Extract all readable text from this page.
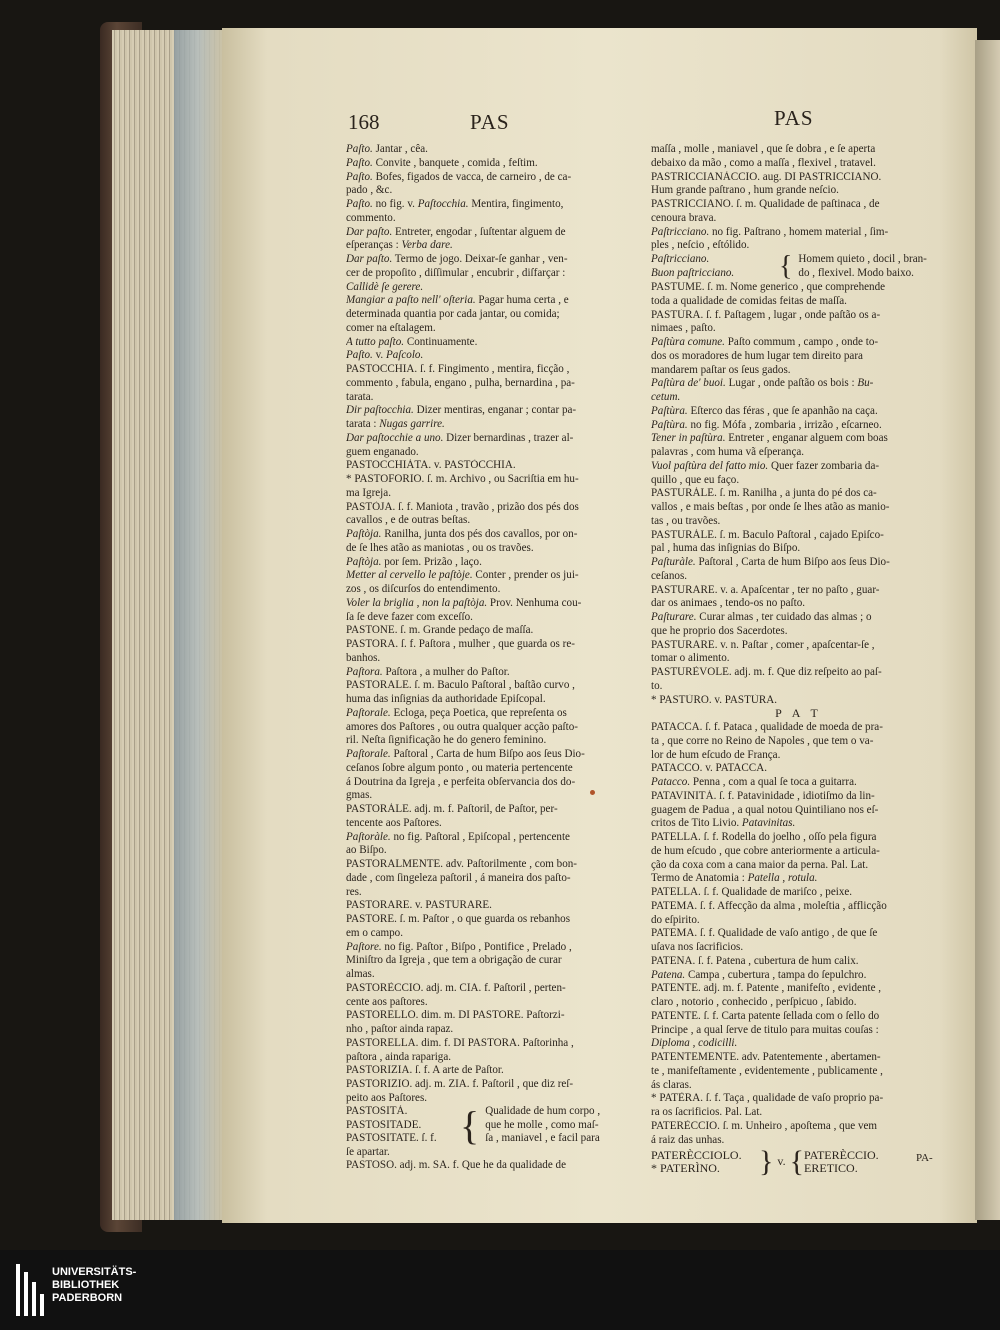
168	PAS	PAS
Paſto. Jantar , cêa.
Paſto. Convite , banquete , comida , feſtim.
Paſto. Bofes, figados de vacca, de carneiro , de ca-
pado , &c.
Paſto. no fig. v. Paſtocchia. Mentira, fingimento,
commento.
Dar paſto. Entreter, engodar , ſuſtentar alguem de
eſperanças : Verba dare.
Dar paſto. Termo de jogo. Deixar-ſe ganhar , ven-
cer de propoſito , diſſimular , encubrir , diſfarçar :
Callidè ſe gerere.
Mangiar a paſto nell' oſteria. Pagar huma certa , e
determinada quantia por cada jantar, ou comida;
comer na eſtalagem.
A tutto paſto. Continuamente.
Paſto. v. Paſcolo.
PASTOCCHIA. ſ. f. Fingimento , mentira, ficção ,
commento , fabula, engano , pulha, bernardina , pa-
tarata.
Dir paſtocchia. Dizer mentiras, enganar ; contar pa-
tarata : Nugas garrire.
Dar paſtocchie a uno. Dizer bernardinas , trazer al-
guem enganado.
PASTOCCHIÀTA. v. PASTÒCCHIA.
* PASTOFORIO. ſ. m. Archivo , ou Sacriſtia em hu-
ma Igreja.
PASTÒJA. ſ. f. Maniota , travão , prizão dos pés dos
cavallos , e de outras beſtas.
Paſtòja. Ranilha, junta dos pés dos cavallos, por on-
de ſe lhes atão as maniotas , ou os travões.
Paſtòja. por ſem. Prizão , laço.
Metter al cervello le paſtòje. Conter , prender os jui-
zos , os diſcurſos do entendimento.
Voler la briglia , non la paſtòja. Prov. Nenhuma cou-
ſa ſe deve fazer com exceſſo.
PASTONE. ſ. m. Grande pedaço de maſſa.
PASTORA. ſ. f. Paſtora , mulher , que guarda os re-
banhos.
Paſtora. Paſtora , a mulher do Paſtor.
PASTORALE. ſ. m. Baculo Paſtoral , baſtão curvo ,
huma das inſignias da authoridade Epiſcopal.
Paſtorale. Ecloga, peça Poetica, que repreſenta os
amores dos Paſtores , ou outra qualquer acção paſto-
ril. Neſta ſignificação he do genero feminino.
Paſtorale. Paſtoral , Carta de hum Biſpo aos ſeus Dio-
ceſanos ſobre algum ponto , ou materia pertencente
á Doutrina da Igreja , e perfeita obſervancia dos do-
gmas.
PASTORÀLE. adj. m. f. Paſtoril, de Paſtor, per-
tencente aos Paſtores.
Paſtoràle. no fig. Paſtoral , Epiſcopal , pertencente
ao Biſpo.
PASTORALMENTE. adv. Paſtorilmente , com bon-
dade , com ſingeleza paſtoril , á maneira dos paſto-
res.
PASTORARE. v. PASTURARE.
PASTORE. ſ. m. Paſtor , o que guarda os rebanhos
em o campo.
Paſtore. no fig. Paſtor , Biſpo , Pontifice , Prelado ,
Miniſtro da Igreja , que tem a obrigação de curar
almas.
PASTORÈCCIO. adj. m. CIA. f. Paſtoril , perten-
cente aos paſtores.
PASTORELLO. dim. m. DI PASTORE. Paſtorzi-
nho , paſtor ainda rapaz.
PASTORELLA. dim. f. DI PASTORA. Paſtorinha ,
paſtora , ainda rapariga.
PASTORIZIA. ſ. f. A arte de Paſtor.
PASTORIZIO. adj. m. ZIA. f. Paſtoril , que diz reſ-
peito aos Paſtores.
PASTOSITÀ.
PASTOSITADE.
PASTOSITATE. ſ. f. { Qualidade de hum corpo ,
que he molle , como maſ-
ſa , maniavel , e facil para
ſe apartar.
PASTOSO. adj. m. SA. f. Que he da qualidade de
maſſa , molle , maniavel , que ſe dobra , e ſe aperta
debaixo da mão , como a maſſa , flexivel , tratavel.
PASTRICCIANÀCCIO. aug. DI PASTRICCIANO.
Hum grande paſtrano , hum grande neſcio.
PASTRICCIANO. ſ. m. Qualidade de paſtinaca , de
cenoura brava.
Paſtricciano. no fig. Paſtrano , homem material , ſim-
ples , neſcio , eſtólido.
Paſtricciano.
Buon paſtricciano.	{ Homem quieto , docil , bran-
do , flexivel. Modo baixo.
PASTUME. ſ. m. Nome generico , que comprehende
toda a qualidade de comidas feitas de maſſa.
PASTÙRA. ſ. f. Paſtagem , lugar , onde paſtão os a-
nimaes , paſto.
Paſtùra comune. Paſto commum , campo , onde to-
dos os moradores de hum lugar tem direito para
mandarem paſtar os ſeus gados.
Paſtùra de' buoi. Lugar , onde paſtão os bois : Bu-
cetum.
Paſtùra. Eſterco das féras , que ſe apanhão na caça.
Paſtùra. no fig. Mófa , zombaria , irrizão , eſcarneo.
Tener in paſtùra. Entreter , enganar alguem com boas
palavras , com huma vã eſperança.
Vuol paſtùra del fatto mio. Quer fazer zombaria da-
quillo , que eu faço.
PASTURÀLE. ſ. m. Ranilha , a junta do pé dos ca-
vallos , e mais beſtas , por onde ſe lhes atão as manio-
tas , ou travões.
PASTURÀLE. ſ. m. Baculo Paſtoral , cajado Epiſco-
pal , huma das inſignias do Biſpo.
Paſturàle. Paſtoral , Carta de hum Biſpo aos ſeus Dio-
ceſanos.
PASTURARE. v. a. Apaſcentar , ter no paſto , guar-
dar os animaes , tendo-os no paſto.
Paſturare. Curar almas , ter cuidado das almas ; o
que he proprio dos Sacerdotes.
PASTURARE. v. n. Paſtar , comer , apaſcentar-ſe ,
tomar o alimento.
PASTURÈVOLE. adj. m. f. Que diz reſpeito ao paſ-
to.
* PASTÙRO. v. PASTÙRA.
P A T
PATACCA. ſ. f. Pataca , qualidade de moeda de pra-
ta , que corre no Reino de Napoles , que tem o va-
lor de hum eſcudo de França.
PATACCO. v. PATACCA.
Patacco. Penna , com a qual ſe toca a guitarra.
PATAVINITÀ. ſ. f. Patavinidade , idiotiſmo da lin-
guagem de Padua , a qual notou Quintiliano nos eſ-
critos de Tito Livio. Patavinitas.
PATELLA. ſ. f. Rodella do joelho , oſſo pela figura
de hum eſcudo , que cobre anteriormente a articula-
ção da coxa com a cana maior da perna. Pal. Lat.
Termo de Anatomia : Patella , rotula.
PATELLA. ſ. f. Qualidade de mariſco , peixe.
PATEMA. ſ. f. Affecção da alma , moleſtia , afflicção
do eſpirito.
PATEMA. ſ. f. Qualidade de vaſo antigo , de que ſe
uſava nos ſacrificios.
PATENA. ſ. f. Patena , cubertura de hum calix.
Patena. Campa , cubertura , tampa do ſepulchro.
PATENTE. adj. m. f. Patente , manifeſto , evidente ,
claro , notorio , conhecido , perſpicuo , ſabido.
PATENTE. ſ. f. Carta patente ſellada com o ſello do
Principe , a qual ſerve de titulo para muitas couſas :
Diploma , codicilli.
PATENTEMENTE. adv. Patentemente , abertamen-
te , manifeſtamente , evidentemente , publicamente ,
ás claras.
* PATÈRA. ſ. f. Taça , qualidade de vaſo proprio pa-
ra os ſacrificios. Pal. Lat.
PATERÈCCIO. ſ. m. Unheiro , apoſtema , que vem
á raiz das unhas.
PATERÈCCIOLO.
* PATERÌNO.	} v. { PATERÈCCIO.
ERETICO.
PA-
UNIVERSITÄTS-
BIBLIOTHEK
PADERBORN
